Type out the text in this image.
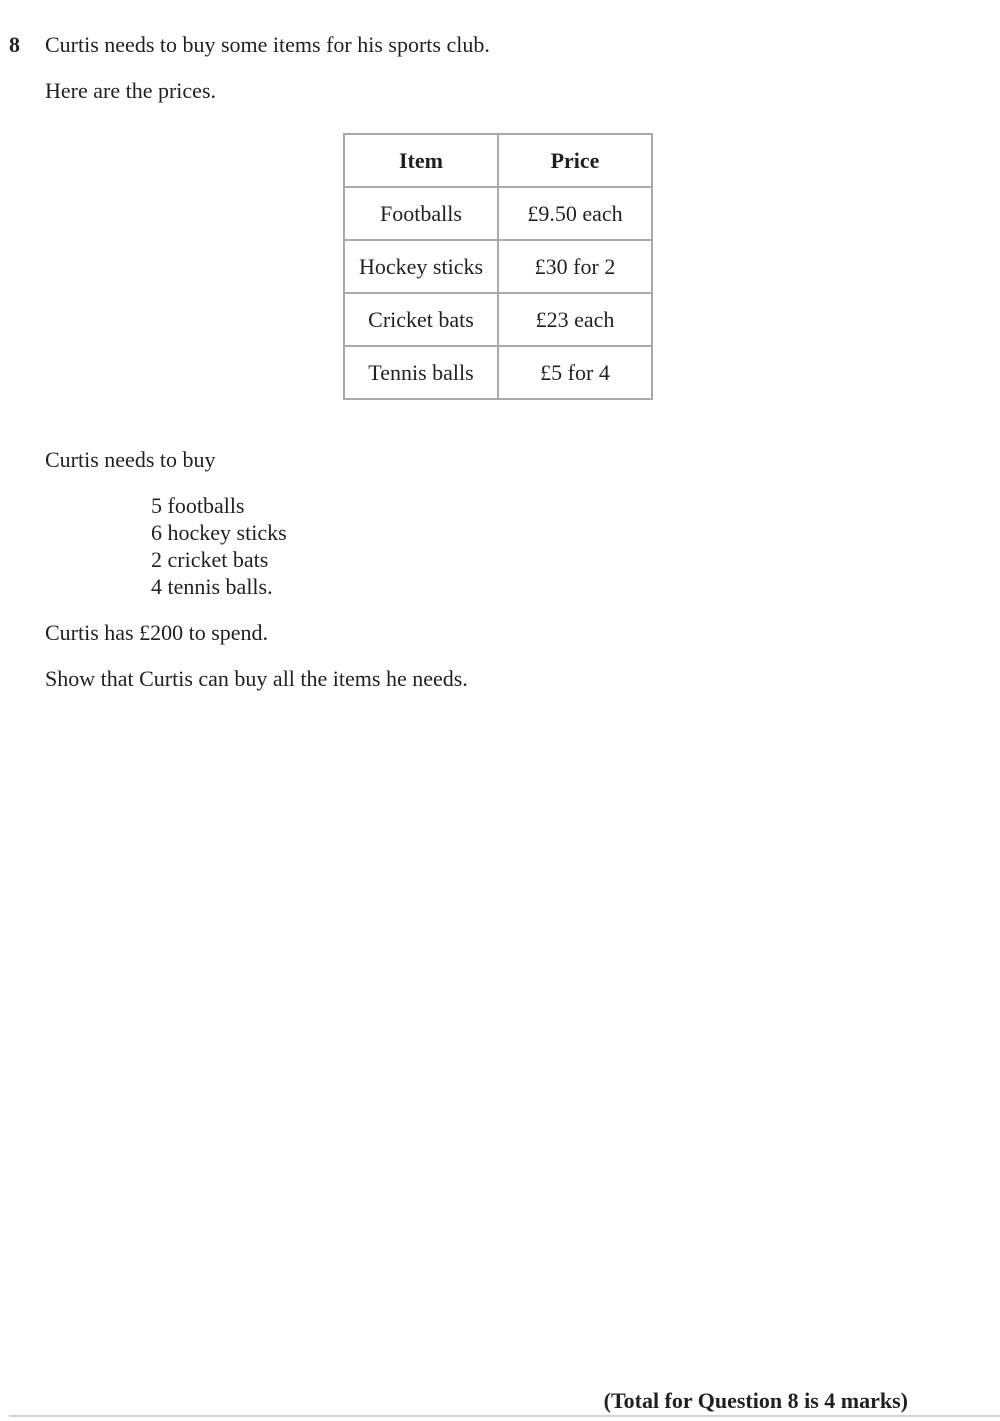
8 Curtis needs to buy some items for his sports club.
Here are the prices.
Item	Price
Footballs	£9.50 each
Hockey sticks	£30 for 2
Cricket bats	£23 each
Tennis balls	£5 for 4
Curtis needs to buy
5 footballs
6 hockey sticks
2 cricket bats
4 tennis balls.
Curtis has £200 to spend.
Show that Curtis can buy all the items he needs.
(Total for Question 8 is 4 marks)
